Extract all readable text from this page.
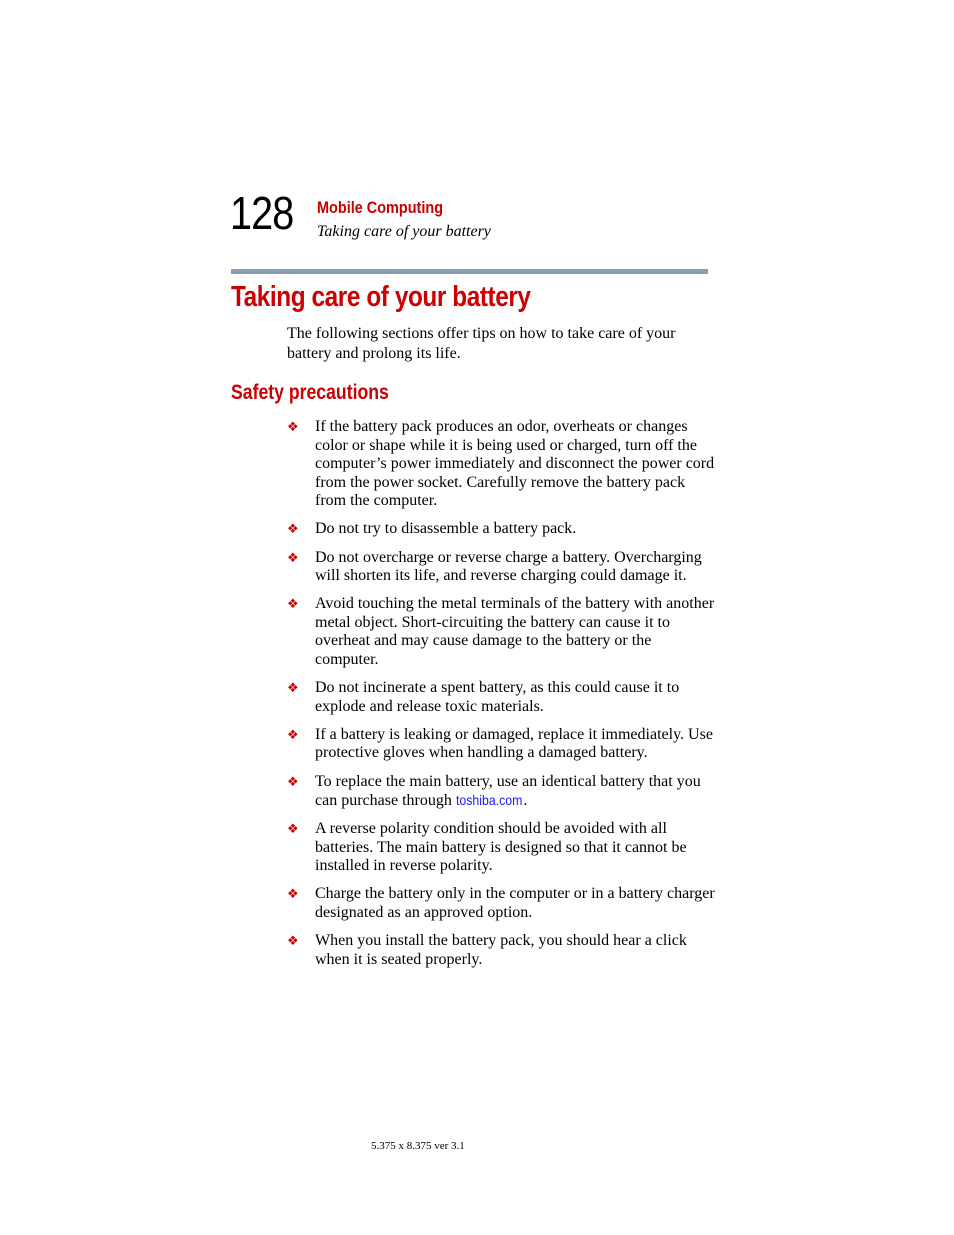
128 Mobile Computing
Taking care of your battery
Taking care of your battery

The following sections offer tips on how to take care of your battery and prolong its life.

Safety precautions
❖ If the battery pack produces an odor, overheats or changes color or shape while it is being used or charged, turn off the computer’s power immediately and disconnect the power cord from the power socket. Carefully remove the battery pack from the computer.
❖ Do not try to disassemble a battery pack.
❖ Do not overcharge or reverse charge a battery. Overcharging will shorten its life, and reverse charging could damage it.
❖ Avoid touching the metal terminals of the battery with another metal object. Short-circuiting the battery can cause it to overheat and may cause damage to the battery or the computer.
❖ Do not incinerate a spent battery, as this could cause it to explode and release toxic materials.
❖ If a battery is leaking or damaged, replace it immediately. Use protective gloves when handling a damaged battery.
❖ To replace the main battery, use an identical battery that you can purchase through toshiba.com.
❖ A reverse polarity condition should be avoided with all batteries. The main battery is designed so that it cannot be installed in reverse polarity.
❖ Charge the battery only in the computer or in a battery charger designated as an approved option.
❖ When you install the battery pack, you should hear a click when it is seated properly.
5.375 x 8.375 ver 3.1
